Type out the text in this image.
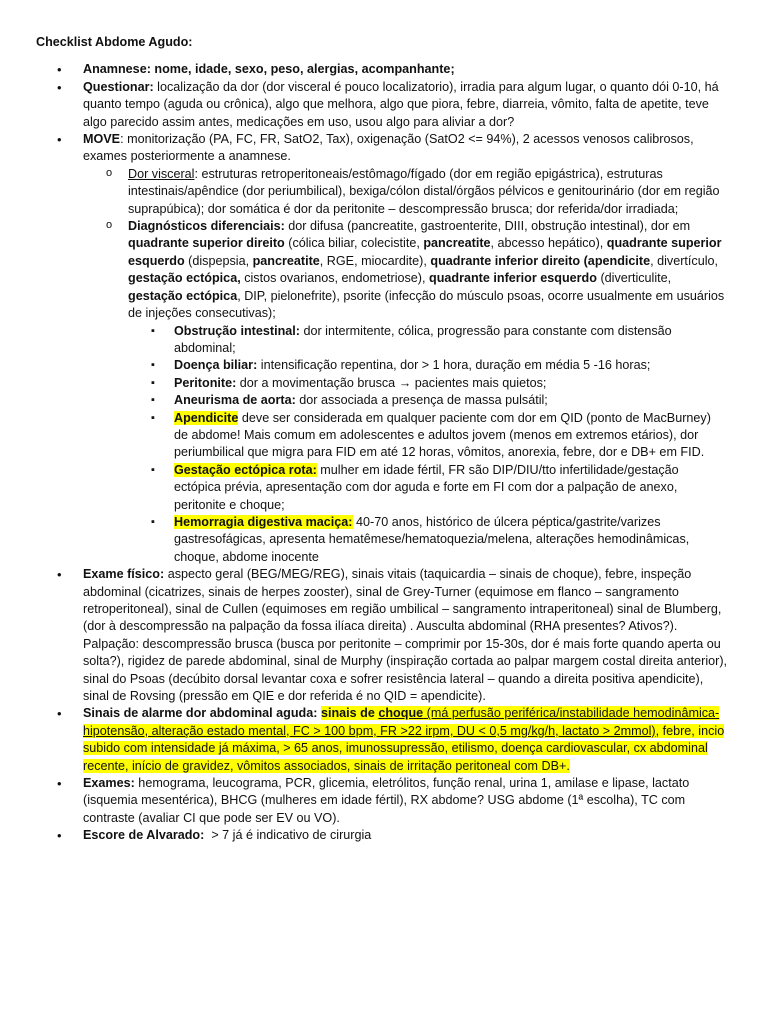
Checklist Abdome Agudo:
• Anamnese: nome, idade, sexo, peso, alergias, acompanhante;
• Questionar: localização da dor (dor visceral é pouco localizatorio), irradia para algum lugar, o quanto dói 0-10, há quanto tempo (aguda ou crônica), algo que melhora, algo que piora, febre, diarreia, vômito, falta de apetite, teve algo parecido assim antes, medicações em uso, usou algo para aliviar a dor?
• MOVE: monitorização (PA, FC, FR, SatO2, Tax), oxigenação (SatO2 <= 94%), 2 acessos venosos calibrosos, exames posteriormente a anamnese.
o Dor visceral: estruturas retroperitoneais/estômago/fígado (dor em região epigástrica), estruturas intestinais/apêndice (dor periumbilical), bexiga/cólon distal/órgãos pélvicos e genitourinário (dor em região suprapúbica); dor somática é dor da peritonite – descompressão brusca; dor referida/dor irradiada;
o Diagnósticos diferenciais: dor difusa (pancreatite, gastroenterite, DIII, obstrução intestinal), dor em quadrante superior direito (cólica biliar, colecistite, pancreatite, abcesso hepático), quadrante superior esquerdo (dispepsia, pancreatite, RGE, miocardite), quadrante inferior direito (apendicite, divertículo, gestação ectópica, cistos ovarianos, endometriose), quadrante inferior esquerdo (diverticulite, gestação ectópica, DIP, pielonefrite), psorite (infecção do músculo psoas, ocorre usualmente em usuários de injeções consecutivas);
▪ Obstrução intestinal: dor intermitente, cólica, progressão para constante com distensão abdominal;
▪ Doença biliar: intensificação repentina, dor > 1 hora, duração em média 5 -16 horas;
▪ Peritonite: dor a movimentação brusca → pacientes mais quietos;
▪ Aneurisma de aorta: dor associada a presença de massa pulsátil;
▪ Apendicite deve ser considerada em qualquer paciente com dor em QID (ponto de MacBurney) de abdome! Mais comum em adolescentes e adultos jovem (menos em extremos etários), dor periumbilical que migra para FID em até 12 horas, vômitos, anorexia, febre, dor e DB+ em FID.
▪ Gestação ectópica rota: mulher em idade fértil, FR são DIP/DIU/tto infertilidade/gestação ectópica prévia, apresentação com dor aguda e forte em FI com dor a palpação de anexo, peritonite e choque;
▪ Hemorragia digestiva maciça: 40-70 anos, histórico de úlcera péptica/gastrite/varizes gastresofágicas, apresenta hematêmese/hematoquezia/melena, alterações hemodinâmicas, choque, abdome inocente
• Exame físico: aspecto geral (BEG/MEG/REG), sinais vitais (taquicardia – sinais de choque), febre, inspeção abdominal (cicatrizes, sinais de herpes zooster), sinal de Grey-Turner (equimose em flanco – sangramento retroperitoneal), sinal de Cullen (equimoses em região umbilical – sangramento intraperitoneal) sinal de Blumberg, (dor à descompressão na palpação da fossa ilíaca direita) . Ausculta abdominal (RHA presentes? Ativos?). Palpação: descompressão brusca (busca por peritonite – comprimir por 15-30s, dor é mais forte quando aperta ou solta?), rigidez de parede abdominal, sinal de Murphy (inspiração cortada ao palpar margem costal direita anterior), sinal do Psoas (decúbito dorsal levantar coxa e sofrer resistência lateral – quando a direita positiva apendicite), sinal de Rovsing (pressão em QIE e dor referida é no QID = apendicite).
• Sinais de alarme dor abdominal aguda: sinais de choque (má perfusão periférica/instabilidade hemodinâmica-hipotensão, alteração estado mental, FC > 100 bpm, FR >22 irpm, DU < 0,5 mg/kg/h, lactato > 2mmol), febre, incio subido com intensidade já máxima, > 65 anos, imunossupressão, etilismo, doença cardiovascular, cx abdominal recente, início de gravidez, vômitos associados, sinais de irritação peritoneal com DB+.
• Exames: hemograma, leucograma, PCR, glicemia, eletrólitos, função renal, urina 1, amilase e lipase, lactato (isquemia mesentérica), BHCG (mulheres em idade fértil), RX abdome? USG abdome (1ª escolha), TC com contraste (avaliar CI que pode ser EV ou VO).
• Escore de Alvarado:  > 7 já é indicativo de cirurgia
